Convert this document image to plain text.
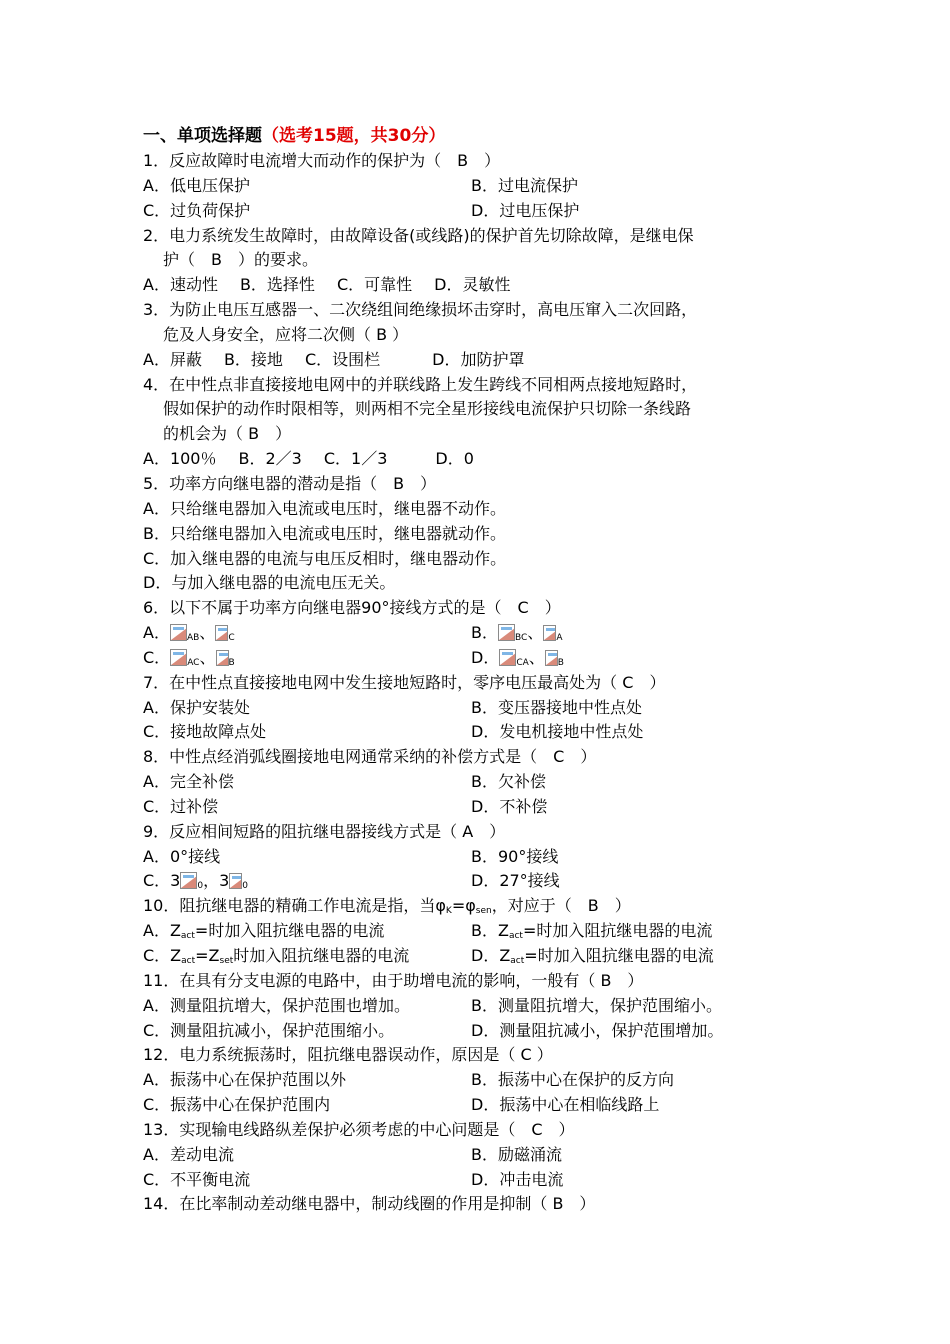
一、单项选择题（选考15题，共30分）
1．反应故障时电流增大而动作的保护为（　B　）
A．低电压保护	B．过电流保护
C．过负荷保护	D．过电压保护
2．电力系统发生故障时，由故障设备(或线路)的保护首先切除故障，是继电保
护（　B　）的要求。
A．速动性 B．选择性 C．可靠性 D．灵敏性
3．为防止电压互感器一、二次绕组间绝缘损坏击穿时，高电压窜入二次回路，
危及人身安全，应将二次侧（ B ）
A．屏蔽 B．接地 C．设围栏	D．加防护罩
4．在中性点非直接接地电网中的并联线路上发生跨线不同相两点接地短路时，
假如保护的动作时限相等，则两相不完全星形接线电流保护只切除一条线路
的机会为（ B　）
A．100％ B．2／3 C．1／3	D．0
5．功率方向继电器的潜动是指（　B　）
A．只给继电器加入电流或电压时，继电器不动作。
B．只给继电器加入电流或电压时，继电器就动作。
C．加入继电器的电流与电压反相时，继电器动作。
D．与加入继电器的电流电压无关。
6．以下不属于功率方向继电器90°接线方式的是（　C　）
A． $_{AB}$、 $_C$	B． $_{BC}$、 $_A$
C． $_{AC}$、 $_B$	D． $_{CA}$、 $_B$
7．在中性点直接接地电网中发生接地短路时，零序电压最高处为（ C　）
A．保护安装处	B．变压器接地中性点处
C．接地故障点处	D．发电机接地中性点处
8．中性点经消弧线圈接地电网通常采纳的补偿方式是（　C　）
A．完全补偿	B．欠补偿
C．过补偿	D．不补偿
9．反应相间短路的阻抗继电器接线方式是（ A　）
A．0°接线	B．90°接线
C．3 $_0$，3 $_0$	D．27°接线
10．阻抗继电器的精确工作电流是指，当$\varphi_K=\varphi_{sen}$，对应于（　B　）
A．$Z_{act}=$时加入阻抗继电器的电流	B．$Z_{act}=$时加入阻抗继电器的电流
C．$Z_{act}=Z_{set}$时加入阻抗继电器的电流	D．$Z_{act}=$时加入阻抗继电器的电流
11．在具有分支电源的电路中，由于助增电流的影响，一般有（ B　）
A．测量阻抗增大，保护范围也增加。	B．测量阻抗增大，保护范围缩小。
C．测量阻抗减小，保护范围缩小。	D．测量阻抗减小，保护范围增加。
12．电力系统振荡时，阻抗继电器误动作，原因是（ C ）
A．振荡中心在保护范围以外	B．振荡中心在保护的反方向
C．振荡中心在保护范围内	D．振荡中心在相临线路上
13．实现输电线路纵差保护必须考虑的中心问题是（　C　）
A．差动电流	B．励磁涌流
C．不平衡电流	D．冲击电流
14．在比率制动差动继电器中，制动线圈的作用是抑制（ B　）
